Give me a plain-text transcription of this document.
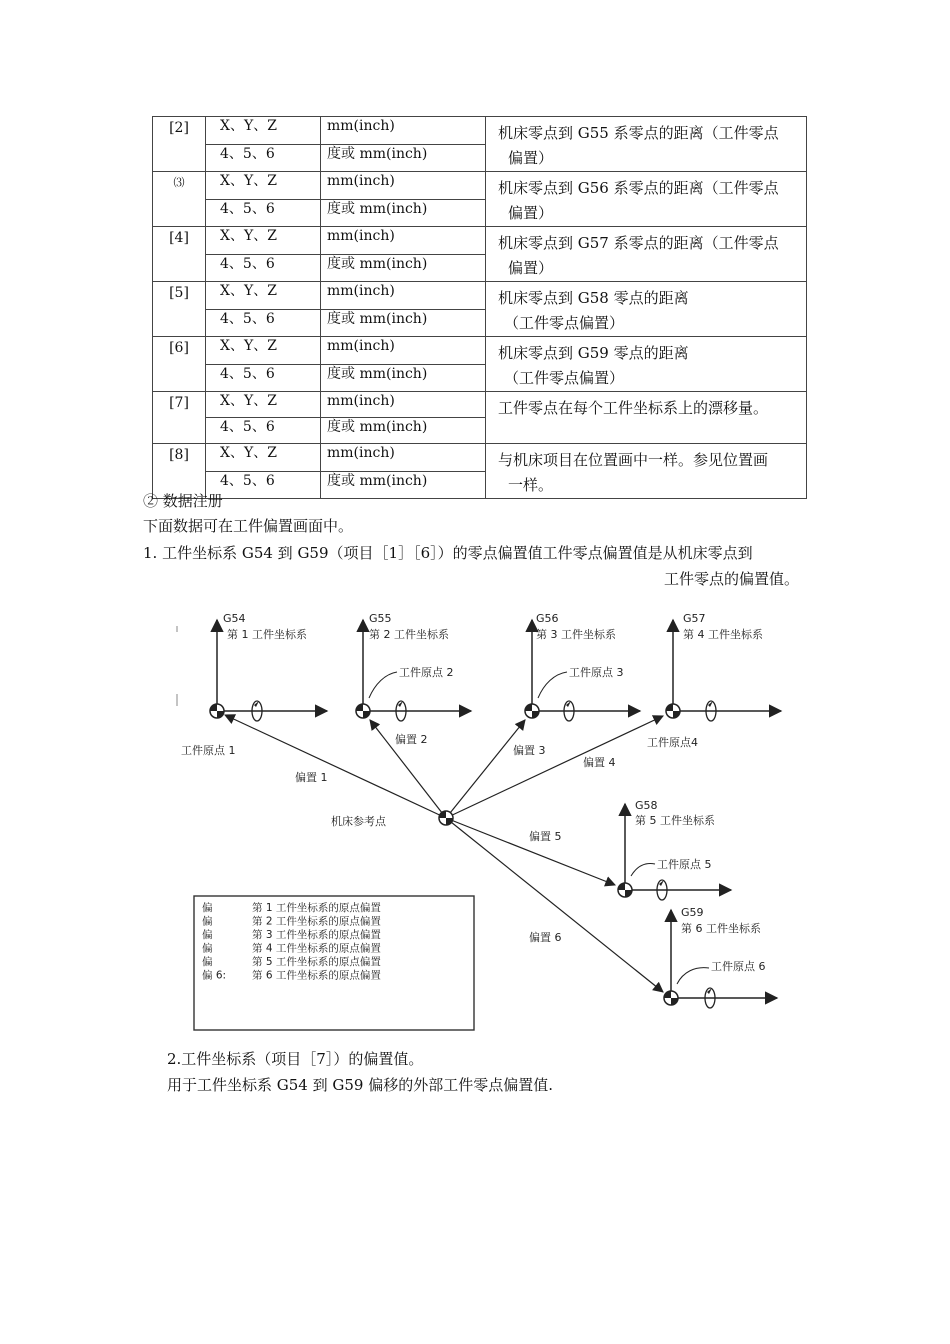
[2]	X、Y、Z	mm(inch)	机床零点到 G55 系零点的距离（工件零点
偏置）

	4、5、6	度或 mm(inch)	
⑶	X、Y、Z	mm(inch)	机床零点到 G56 系零点的距离（工件零点
偏置）

	4、5、6	度或 mm(inch)	
[4]	X、Y、Z	mm(inch)	机床零点到 G57 系零点的距离（工件零点
偏置）

	4、5、6	度或 mm(inch)	
[5]	X、Y、Z	mm(inch)	机床零点到 G58 零点的距离
（工件零点偏置）

	4、5、6	度或 mm(inch)	
[6]	X、Y、Z	mm(inch)	机床零点到 G59 零点的距离
（工件零点偏置）

	4、5、6	度或 mm(inch)	
[7]	X、Y、Z	mm(inch)	工件零点在每个工件坐标系上的漂移量。

	4、5、6	度或 mm(inch)	
[8]	X、Y、Z	mm(inch)	与机床项目在位置画中一样。参见位置画
一样。

	4、5、6	度或 mm(inch)	
② 数据注册
下面数据可在工件偏置画面中。
1. 工件坐标系 G54 到 G59（项目［1］［6］）的零点偏置值工件零点偏置值是从机床零点到
工件零点的偏置值。
G54
第 1 工件坐标系
工件原点 1
G55
第 2 工件坐标系
工件原点 2
G56
第 3 工件坐标系
工件原点 3
G57
第 4 工件坐标系
工件原点4
G58
第 5 工件坐标系
工件原点 5
G59
第 6 工件坐标系
工件原点 6
机床参考点
偏置 1
偏置 2
偏置 3
偏置 4
偏置 5
偏置 6
偏	第 1 工件坐标系的原点偏置
偏	第 2 工件坐标系的原点偏置
偏	第 3 工件坐标系的原点偏置
偏	第 4 工件坐标系的原点偏置
偏	第 5 工件坐标系的原点偏置
偏 6: 第 6 工件坐标系的原点偏置
2.工件坐标系（项目［7］）的偏置值。
用于工件坐标系 G54 到 G59 偏移的外部工件零点偏置值.
